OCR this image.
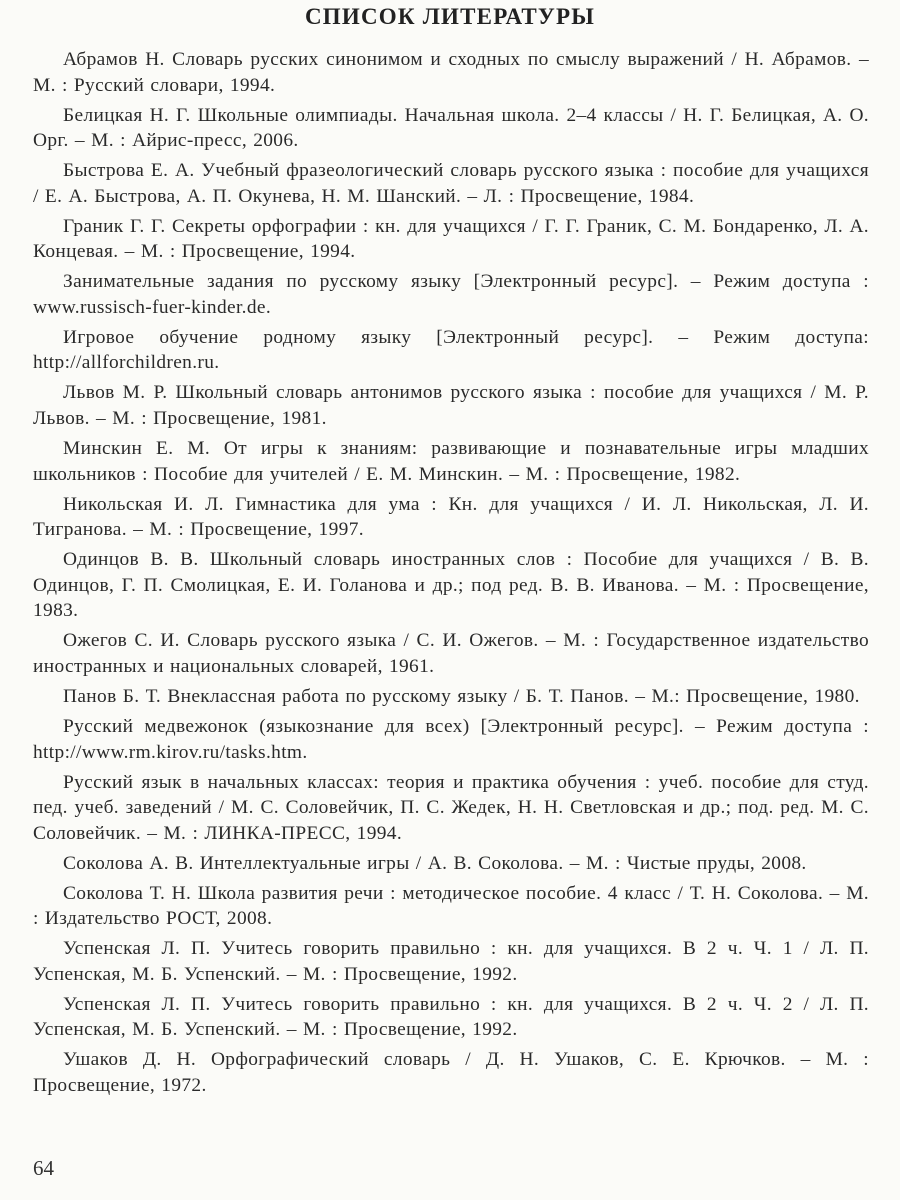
СПИСОК ЛИТЕРАТУРЫ
Абрамов Н. Словарь русских синонимом и сходных по смыслу выражений / Н. Абрамов. – М. : Русский словари, 1994.
Белицкая Н. Г. Школьные олимпиады. Начальная школа. 2–4 классы / Н. Г. Белицкая, А. О. Орг. – М. : Айрис-пресс, 2006.
Быстрова Е. А. Учебный фразеологический словарь русского языка : пособие для учащихся / Е. А. Быстрова, А. П. Окунева, Н. М. Шанский. – Л. : Просвещение, 1984.
Граник Г. Г. Секреты орфографии : кн. для учащихся / Г. Г. Граник, С. М. Бондаренко, Л. А. Концевая. – М. : Просвещение, 1994.
Занимательные задания по русскому языку [Электронный ресурс]. – Режим доступа : www.russisch-fuer-kinder.de.
Игровое обучение родному языку [Электронный ресурс]. – Режим доступа: http://allforchildren.ru.
Львов М. Р. Школьный словарь антонимов русского языка : пособие для учащихся / М. Р. Львов. – М. : Просвещение, 1981.
Минскин Е. М. От игры к знаниям: развивающие и познавательные игры младших школьников : Пособие для учителей / Е. М. Минскин. – М. : Просвещение, 1982.
Никольская И. Л. Гимнастика для ума : Кн. для учащихся / И. Л. Никольская, Л. И. Тигранова. – М. : Просвещение, 1997.
Одинцов В. В. Школьный словарь иностранных слов : Пособие для учащихся / В. В. Одинцов, Г. П. Смолицкая, Е. И. Голанова и др.; под ред. В. В. Иванова. – М. : Просвещение, 1983.
Ожегов С. И. Словарь русского языка / С. И. Ожегов. – М. : Государственное издательство иностранных и национальных словарей, 1961.
Панов Б. Т. Внеклассная работа по русскому языку / Б. Т. Панов. – М.: Просвещение, 1980.
Русский медвежонок (языкознание для всех) [Электронный ресурс]. – Режим доступа : http://www.rm.kirov.ru/tasks.htm.
Русский язык в начальных классах: теория и практика обучения : учеб. пособие для студ. пед. учеб. заведений / М. С. Соловейчик, П. С. Жедек, Н. Н. Светловская и др.; под. ред. М. С. Соловейчик. – М. : ЛИНКА-ПРЕСС, 1994.
Соколова А. В. Интеллектуальные игры / А. В. Соколова. – М. : Чистые пруды, 2008.
Соколова Т. Н. Школа развития речи : методическое пособие. 4 класс / Т. Н. Соколова. – М. : Издательство РОСТ, 2008.
Успенская Л. П. Учитесь говорить правильно : кн. для учащихся. В 2 ч. Ч. 1 / Л. П. Успенская, М. Б. Успенский. – М. : Просвещение, 1992.
Успенская Л. П. Учитесь говорить правильно : кн. для учащихся. В 2 ч. Ч. 2 / Л. П. Успенская, М. Б. Успенский. – М. : Просвещение, 1992.
Ушаков Д. Н. Орфографический словарь / Д. Н. Ушаков, С. Е. Крючков. – М. : Просвещение, 1972.
64
